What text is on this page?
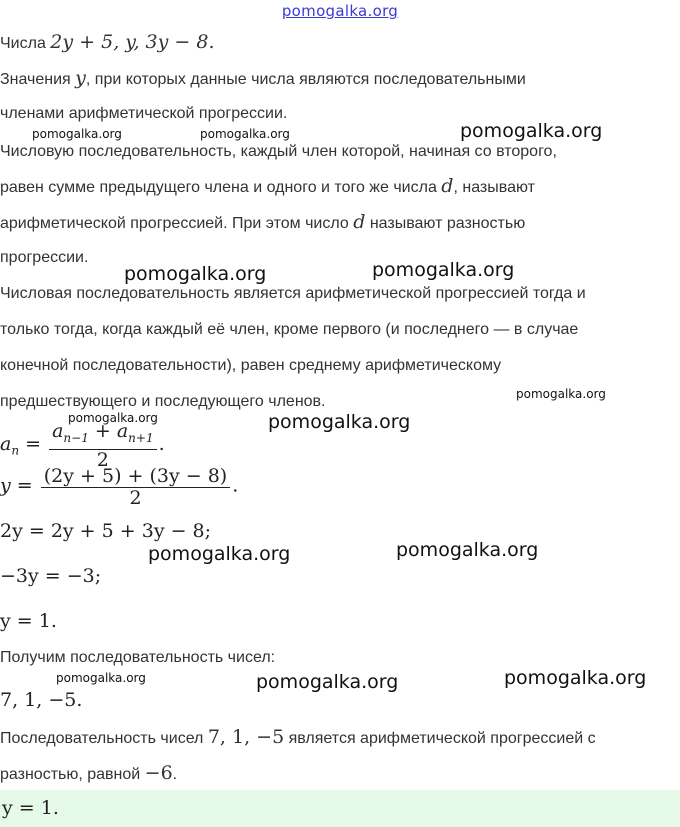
pomogalka.org
Числа 2y + 5, y, 3y − 8.
Значения y, при которых данные числа являются последовательными
членами арифметической прогрессии.
Числовую последовательность, каждый член которой, начиная со второго,
равен сумме предыдущего члена и одного и того же числа d, называют
арифметической прогрессией. При этом число d называют разностью
прогрессии.
Числовая последовательность является арифметической прогрессией тогда и
только тогда, когда каждый её член, кроме первого (и последнего — в случае
конечной последовательности), равен среднему арифметическому
предшествующего и последующего членов.
$a_n = \frac{a_{n-1} + a_{n+1}}{2}$ .
$y = \frac{(2y + 5) + (3y - 8)}{2}$ .
2y = 2y + 5 + 3y − 8;
−3y = −3;
y = 1.
Получим последовательность чисел:
7, 1, −5.
Последовательность чисел 7, 1, −5 является арифметической прогрессией с
разностью, равной −6.
y = 1.
pomogalka.org	pomogalka.org	pomogalka.org
pomogalka.org	pomogalka.org
pomogalka.org
pomogalka.org	pomogalka.org
pomogalka.org	pomogalka.org
pomogalka.org	pomogalka.org	pomogalka.org
